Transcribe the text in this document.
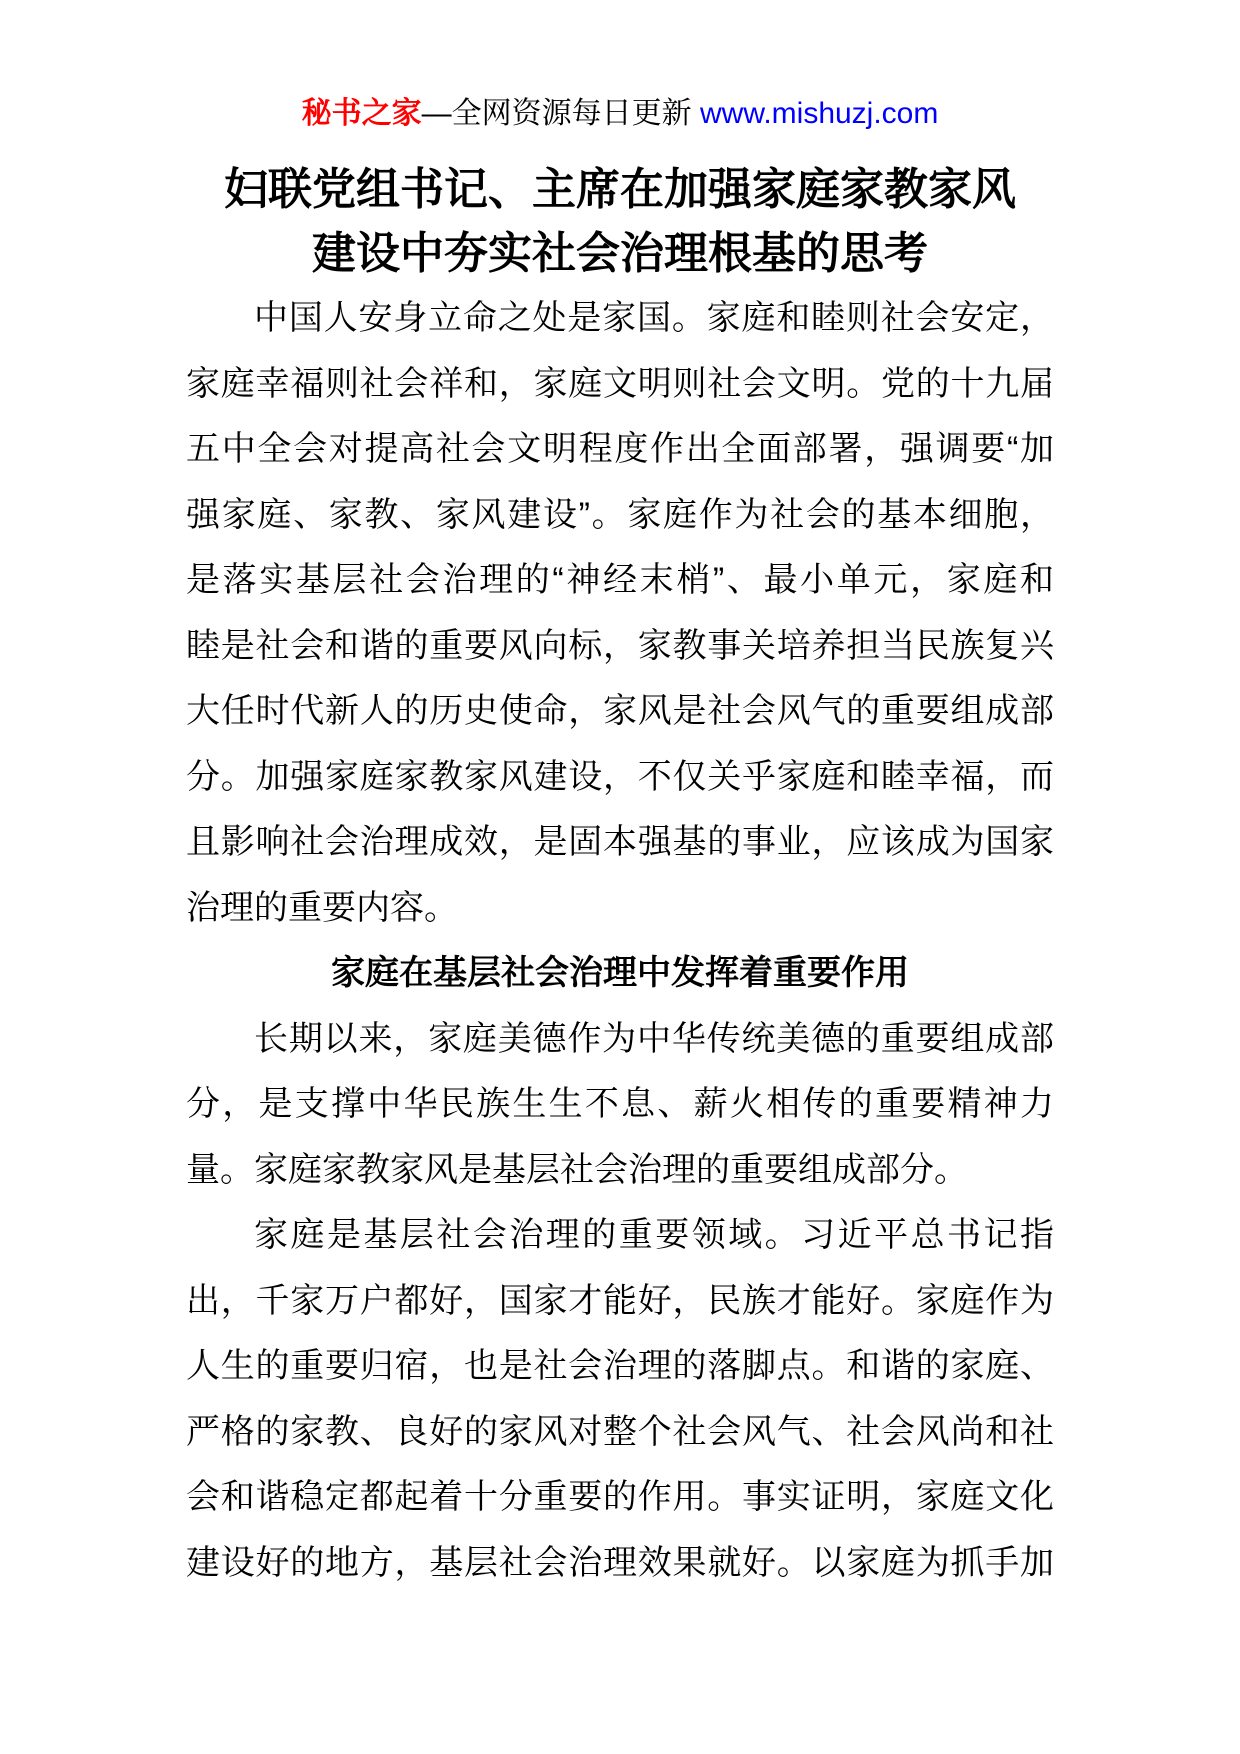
秘书之家—全网资源每日更新 www.mishuzj.com
妇联党组书记、主席在加强家庭家教家风
建设中夯实社会治理根基的思考
中国人安身立命之处是家国。家庭和睦则社会安定，
家庭幸福则社会祥和，家庭文明则社会文明。党的十九届
五中全会对提高社会文明程度作出全面部署，强调要“加
强家庭、家教、家风建设”。家庭作为社会的基本细胞，
是落实基层社会治理的“神经末梢”、最小单元，家庭和
睦是社会和谐的重要风向标，家教事关培养担当民族复兴
大任时代新人的历史使命，家风是社会风气的重要组成部
分。加强家庭家教家风建设，不仅关乎家庭和睦幸福，而
且影响社会治理成效，是固本强基的事业，应该成为国家
治理的重要内容。
家庭在基层社会治理中发挥着重要作用
长期以来，家庭美德作为中华传统美德的重要组成部
分，是支撑中华民族生生不息、薪火相传的重要精神力
量。家庭家教家风是基层社会治理的重要组成部分。
家庭是基层社会治理的重要领域。习近平总书记指
出，千家万户都好，国家才能好，民族才能好。家庭作为
人生的重要归宿，也是社会治理的落脚点。和谐的家庭、
严格的家教、良好的家风对整个社会风气、社会风尚和社
会和谐稳定都起着十分重要的作用。事实证明，家庭文化
建设好的地方，基层社会治理效果就好。以家庭为抓手加
